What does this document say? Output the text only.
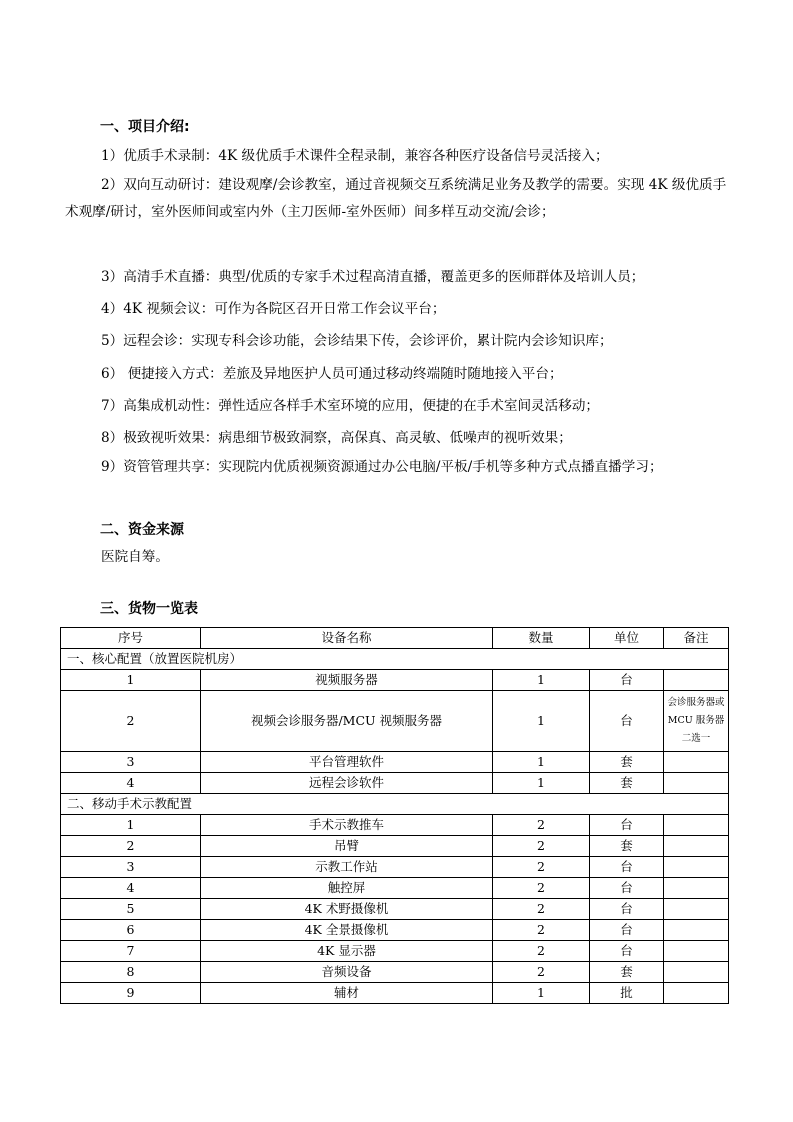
一、项目介绍:
1）优质手术录制：4K 级优质手术课件全程录制，兼容各种医疗设备信号灵活接入；
2）双向互动研讨：建设观摩/会诊教室，通过音视频交互系统满足业务及教学的需要。实现 4K 级优质手术观摩/研讨，室外医师间或室内外（主刀医师-室外医师）间多样互动交流/会诊；
3）高清手术直播：典型/优质的专家手术过程高清直播，覆盖更多的医师群体及培训人员；
4）4K 视频会议：可作为各院区召开日常工作会议平台；
5）远程会诊：实现专科会诊功能，会诊结果下传，会诊评价，累计院内会诊知识库；
6） 便捷接入方式：差旅及异地医护人员可通过移动终端随时随地接入平台；
7）高集成机动性：弹性适应各样手术室环境的应用，便捷的在手术室间灵活移动；
8）极致视听效果：病患细节极致洞察，高保真、高灵敏、低噪声的视听效果；
9）资管管理共享：实现院内优质视频资源通过办公电脑/平板/手机等多种方式点播直播学习；
二、资金来源
医院自筹。
三、货物一览表
序号	设备名称	数量	单位	备注
一、核心配置（放置医院机房）				
1	视频服务器	1	台	
2	视频会诊服务器/MCU 视频服务器	1	台	会诊服务器或MCU 服务器二选一
3	平台管理软件	1	套	
4	远程会诊软件	1	套	
二、移动手术示教配置				
1	手术示教推车	2	台	
2	吊臂	2	套	
3	示教工作站	2	台	
4	触控屏	2	台	
5	4K 术野摄像机	2	台	
6	4K 全景摄像机	2	台	
7	4K 显示器	2	台	
8	音频设备	2	套	
9	辅材	1	批	
